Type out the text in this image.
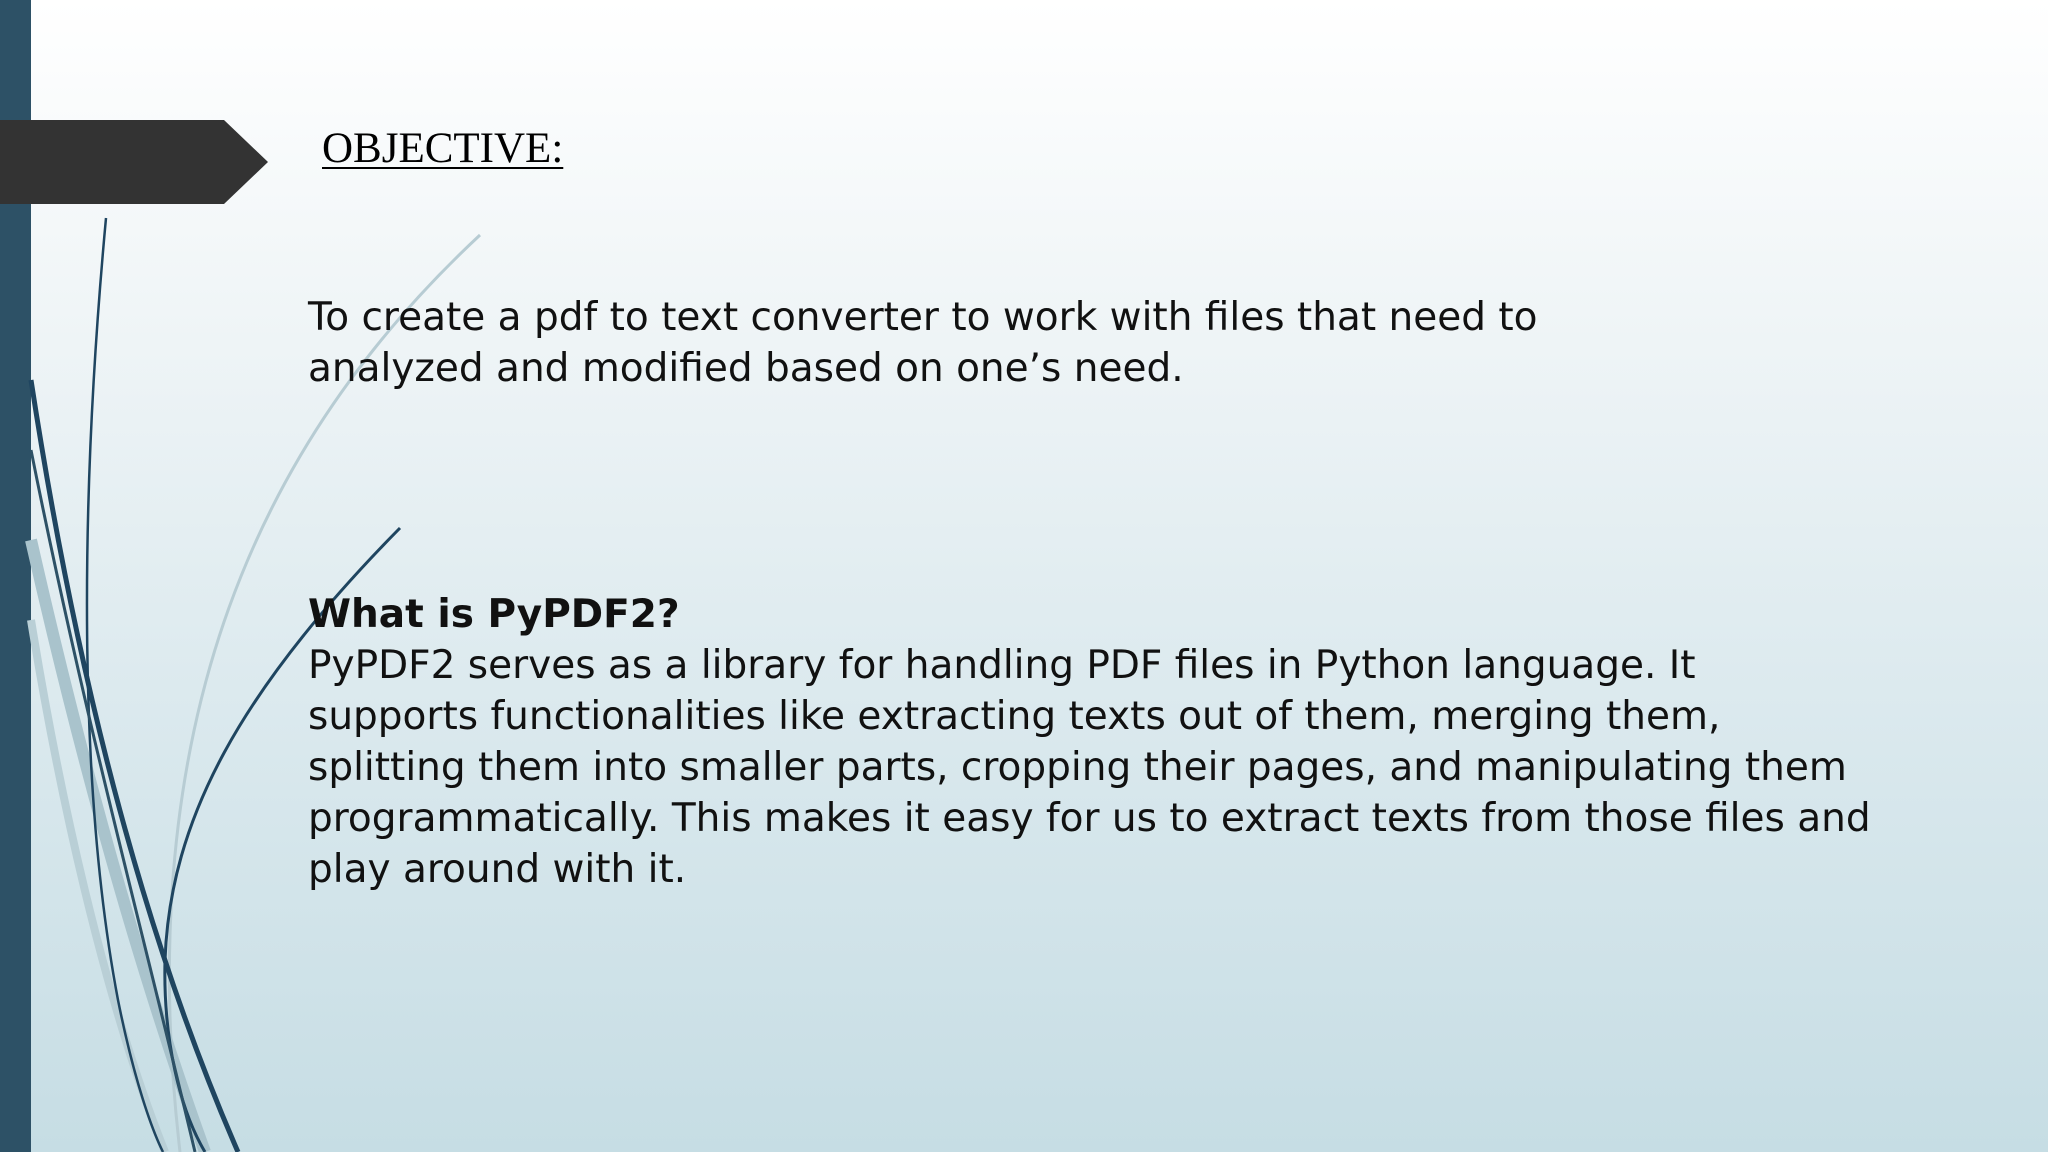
OBJECTIVE:

To create a pdf to text converter to work with files that need to
analyzed and modified based on one’s need.

What is PyPDF2?

PyPDF2 serves as a library for handling PDF files in Python language. It
supports functionalities like extracting texts out of them, merging them,
splitting them into smaller parts, cropping their pages, and manipulating them
programmatically. This makes it easy for us to extract texts from those files and
play around with it.
